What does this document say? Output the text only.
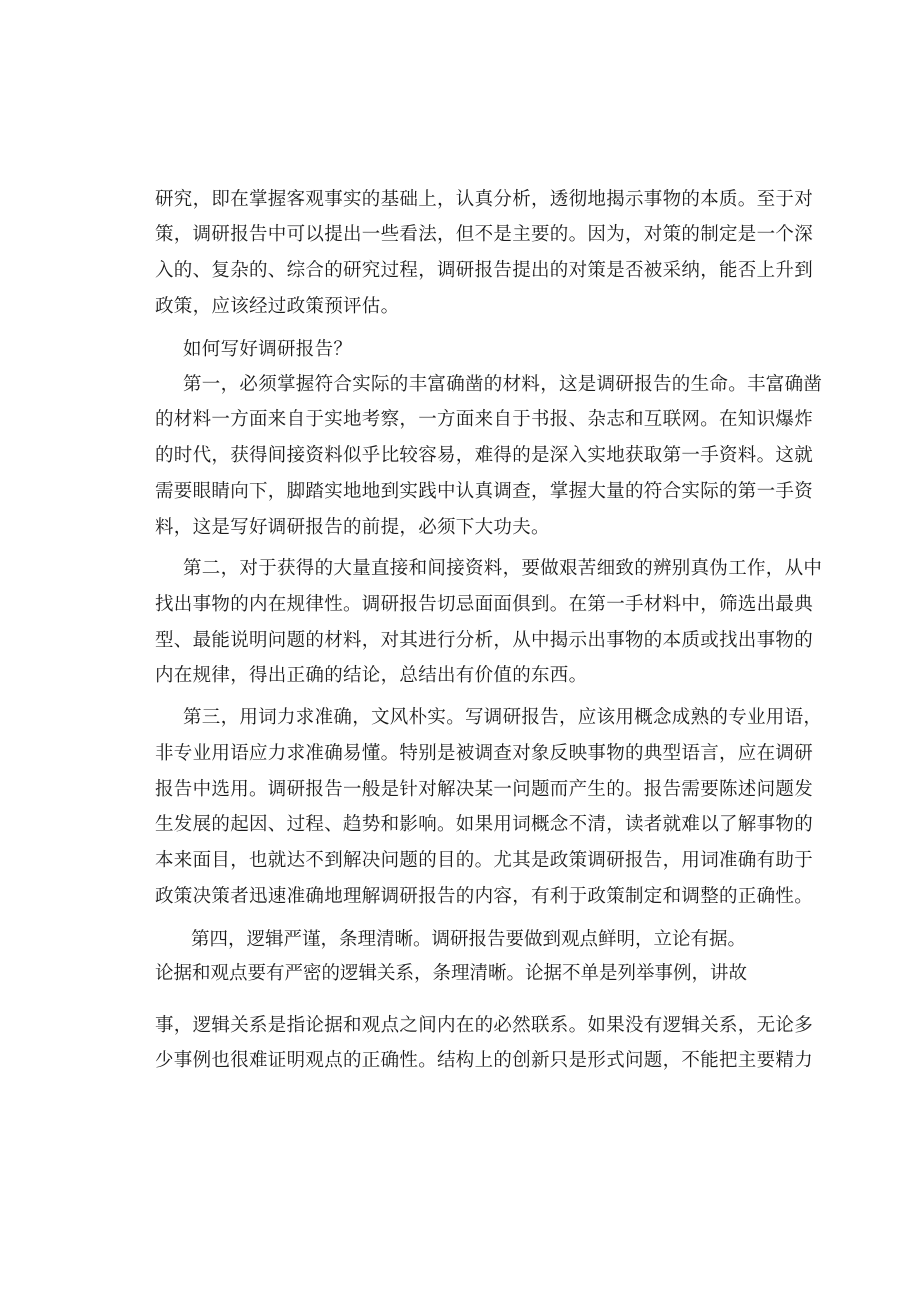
研究，即在掌握客观事实的基础上，认真分析，透彻地揭示事物的本质。至于对
策，调研报告中可以提出一些看法，但不是主要的。因为，对策的制定是一个深
入的、复杂的、综合的研究过程，调研报告提出的对策是否被采纳，能否上升到
政策，应该经过政策预评估。
如何写好调研报告？
第一，必须掌握符合实际的丰富确凿的材料，这是调研报告的生命。丰富确凿
的材料一方面来自于实地考察，一方面来自于书报、杂志和互联网。在知识爆炸
的时代，获得间接资料似乎比较容易，难得的是深入实地获取第一手资料。这就
需要眼睛向下，脚踏实地地到实践中认真调查，掌握大量的符合实际的第一手资
料，这是写好调研报告的前提，必须下大功夫。
第二，对于获得的大量直接和间接资料，要做艰苦细致的辨别真伪工作，从中
找出事物的内在规律性。调研报告切忌面面俱到。在第一手材料中，筛选出最典
型、最能说明问题的材料，对其进行分析，从中揭示出事物的本质或找出事物的
内在规律，得出正确的结论，总结出有价值的东西。
第三，用词力求准确，文风朴实。写调研报告，应该用概念成熟的专业用语，
非专业用语应力求准确易懂。特别是被调查对象反映事物的典型语言，应在调研
报告中选用。调研报告一般是针对解决某一问题而产生的。报告需要陈述问题发
生发展的起因、过程、趋势和影响。如果用词概念不清，读者就难以了解事物的
本来面目，也就达不到解决问题的目的。尤其是政策调研报告，用词准确有助于
政策决策者迅速准确地理解调研报告的内容，有利于政策制定和调整的正确性。
第四，逻辑严谨，条理清晰。调研报告要做到观点鲜明，立论有据。
论据和观点要有严密的逻辑关系，条理清晰。论据不单是列举事例，讲故
事，逻辑关系是指论据和观点之间内在的必然联系。如果没有逻辑关系，无论多
少事例也很难证明观点的正确性。结构上的创新只是形式问题，不能把主要精力
